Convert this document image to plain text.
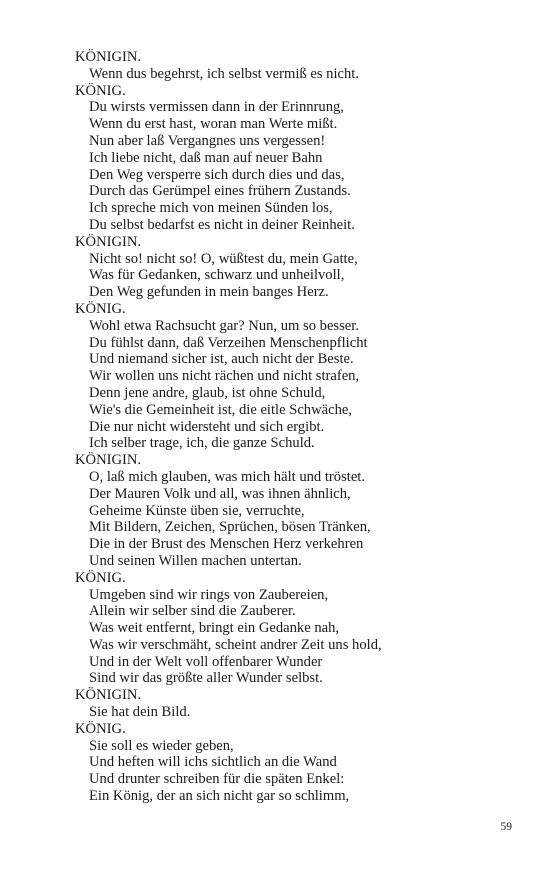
KÖNIGIN.
Wenn dus begehrst, ich selbst vermiß es nicht.
KÖNIG.
Du wirsts vermissen dann in der Erinnrung,
Wenn du erst hast, woran man Werte mißt.
Nun aber laß Vergangnes uns vergessen!
Ich liebe nicht, daß man auf neuer Bahn
Den Weg versperre sich durch dies und das,
Durch das Gerümpel eines frühern Zustands.
Ich spreche mich von meinen Sünden los,
Du selbst bedarfst es nicht in deiner Reinheit.
KÖNIGIN.
Nicht so! nicht so! O, wüßtest du, mein Gatte,
Was für Gedanken, schwarz und unheilvoll,
Den Weg gefunden in mein banges Herz.
KÖNIG.
Wohl etwa Rachsucht gar? Nun, um so besser.
Du fühlst dann, daß Verzeihen Menschenpflicht
Und niemand sicher ist, auch nicht der Beste.
Wir wollen uns nicht rächen und nicht strafen,
Denn jene andre, glaub, ist ohne Schuld,
Wie's die Gemeinheit ist, die eitle Schwäche,
Die nur nicht widersteht und sich ergibt.
Ich selber trage, ich, die ganze Schuld.
KÖNIGIN.
O, laß mich glauben, was mich hält und tröstet.
Der Mauren Volk und all, was ihnen ähnlich,
Geheime Künste üben sie, verruchte,
Mit Bildern, Zeichen, Sprüchen, bösen Tränken,
Die in der Brust des Menschen Herz verkehren
Und seinen Willen machen untertan.
KÖNIG.
Umgeben sind wir rings von Zaubereien,
Allein wir selber sind die Zauberer.
Was weit entfernt, bringt ein Gedanke nah,
Was wir verschmäht, scheint andrer Zeit uns hold,
Und in der Welt voll offenbarer Wunder
Sind wir das größte aller Wunder selbst.
KÖNIGIN.
Sie hat dein Bild.
KÖNIG.
Sie soll es wieder geben,
Und heften will ichs sichtlich an die Wand
Und drunter schreiben für die späten Enkel:
Ein König, der an sich nicht gar so schlimm,
59
